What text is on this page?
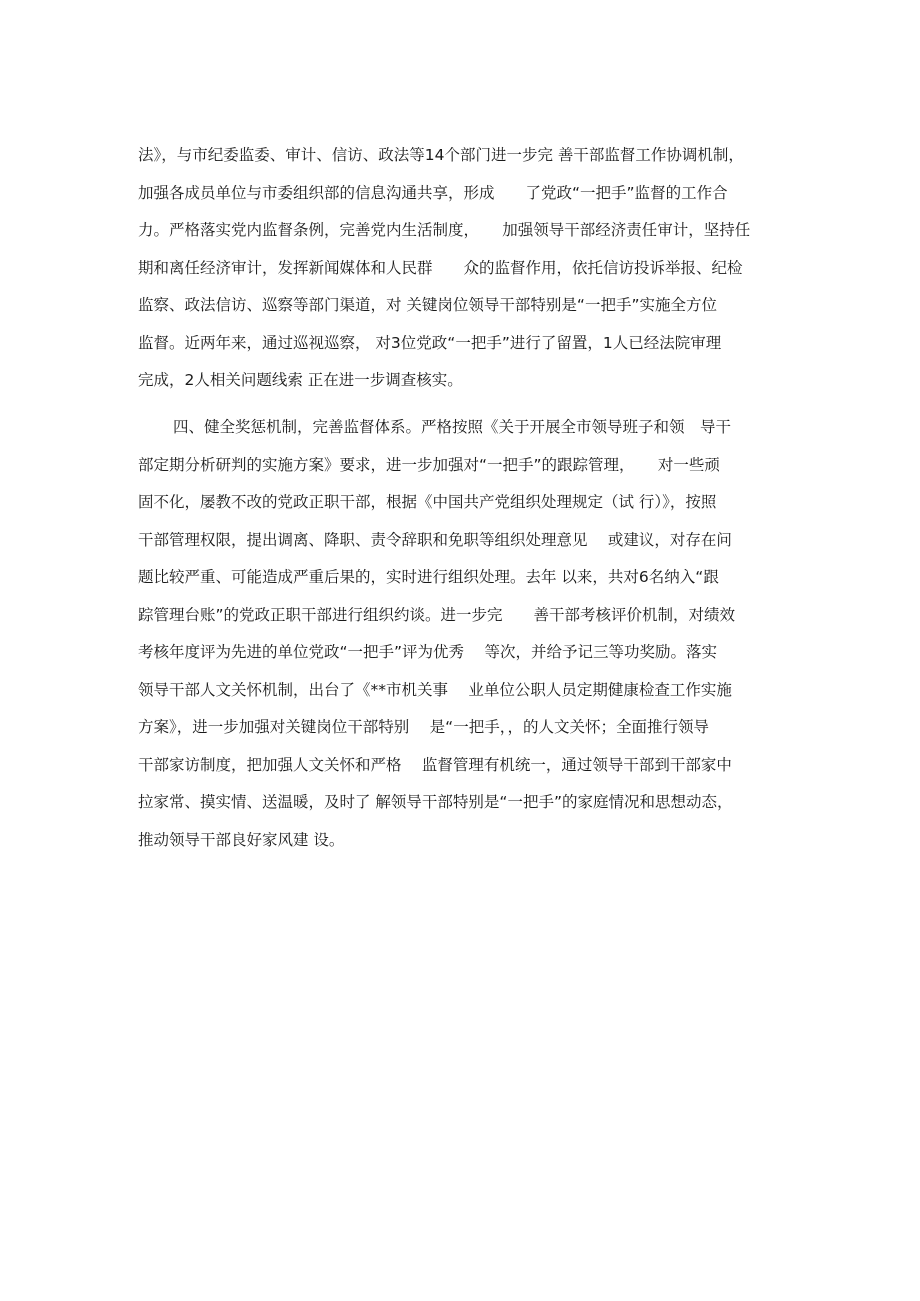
法》，与市纪委监委、审计、信访、政法等14个部门进一步完 善干部监督工作协调机制，
加强各成员单位与市委组织部的信息沟通共享，形成　　了党政“一把手”监督的工作合
力。严格落实党内监督条例，完善党内生活制度，　　加强领导干部经济责任审计，坚持任
期和离任经济审计，发挥新闻媒体和人民群　　众的监督作用，依托信访投诉举报、纪检
监察、政法信访、巡察等部门渠道，对 关键岗位领导干部特别是“一把手”实施全方位
监督。近两年来，通过巡视巡察， 对3位党政“一把手”进行了留置，1人已经法院审理
完成，2人相关问题线索 正在进一步调查核实。
四、健全奖惩机制，完善监督体系。严格按照《关于开展全市领导班子和领　导干
部定期分析研判的实施方案》要求，进一步加强对“一把手”的跟踪管理，　　对一些顽
固不化，屡教不改的党政正职干部，根据《中国共产党组织处理规定（试 行）》，按照
干部管理权限，提出调离、降职、责令辞职和免职等组织处理意见　 或建议，对存在问
题比较严重、可能造成严重后果的，实时进行组织处理。去年 以来，共对6名纳入“跟
踪管理台账”的党政正职干部进行组织约谈。进一步完　　善干部考核评价机制，对绩效
考核年度评为先进的单位党政“一把手”评为优秀　 等次，并给予记三等功奖励。落实
领导干部人文关怀机制，出台了《**市机关事　 业单位公职人员定期健康检查工作实施
方案》，进一步加强对关键岗位干部特别　 是“一把手，，的人文关怀；全面推行领导
干部家访制度，把加强人文关怀和严格　 监督管理有机统一，通过领导干部到干部家中
拉家常、摸实情、送温暖，及时了 解领导干部特别是“一把手”的家庭情况和思想动态，
推动领导干部良好家风建 设。
